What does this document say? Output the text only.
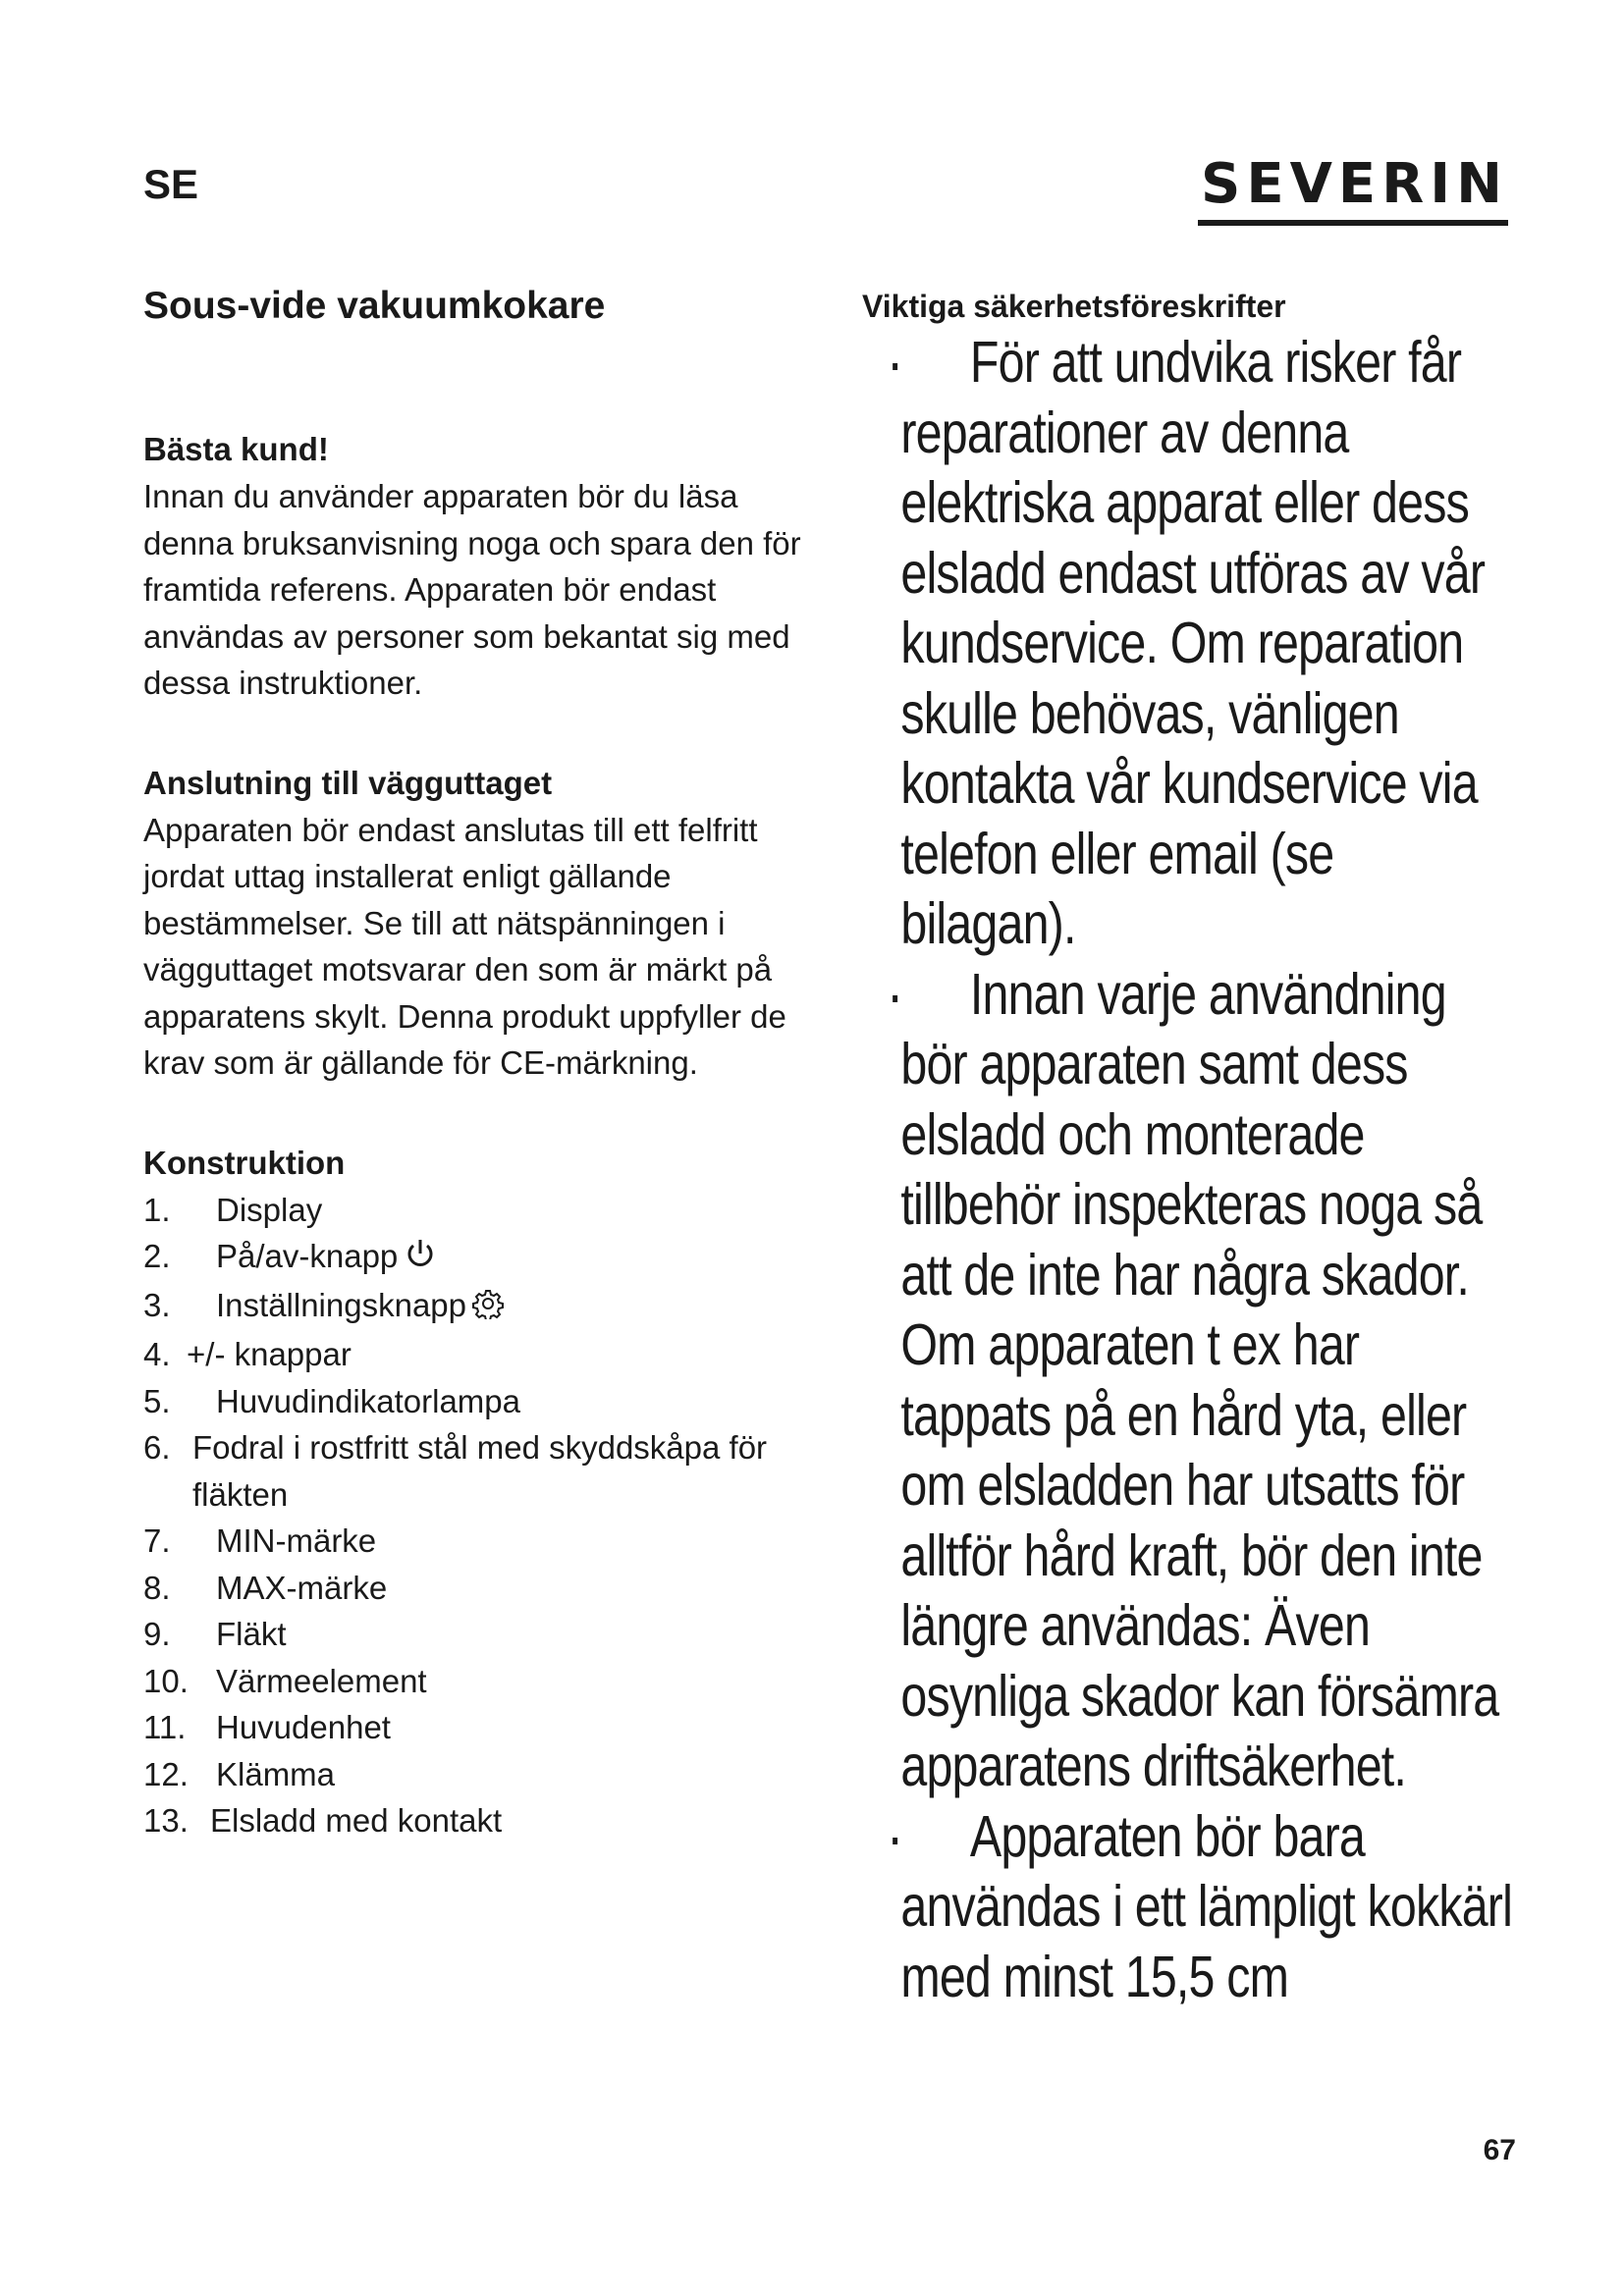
SE	SEVERIN
Sous-vide vakuumkokare
Bästa kund!

Innan du använder apparaten bör du läsa denna bruksanvisning noga och spara den för framtida referens. Apparaten bör endast användas av personer som bekantat sig med dessa instruktioner.

Anslutning till vägguttaget

Apparaten bör endast anslutas till ett felfritt jordat uttag installerat enligt gällande bestämmelser. Se till att nätspänningen i vägguttaget motsvarar den som är märkt på apparatens skylt. Denna produkt uppfyller de krav som är gällande för CE-märkning.

Konstruktion
1.	Display
2.	På/av-knapp
3.	Inställningsknapp
4. +/- knappar
5.	Huvudindikatorlampa
6. Fodral i rostfritt stål med skyddskåpa för fläkten
7.	MIN-märke
8.	MAX-märke
9.	Fläkt
10. Värmeelement
11. Huvudenhet
12. Klämma
13. Elsladd med kontakt
Viktiga säkerhetsföreskrifter
För att undvika risker får reparationer av denna elektriska apparat eller dess elsladd endast utföras av vår kundservice. Om reparation skulle behövas, vänligen kontakta vår kundservice via telefon eller email (se bilagan).
Innan varje användning bör apparaten samt dess elsladd och monterade tillbehör inspekteras noga så att de inte har några skador. Om apparaten t ex har tappats på en hård yta, eller om elsladden har utsatts för alltför hård kraft, bör den inte längre användas: Även osynliga skador kan försämra apparatens driftsäkerhet.
Apparaten bör bara användas i ett lämpligt kokkärl med minst 15,5 cm
67
